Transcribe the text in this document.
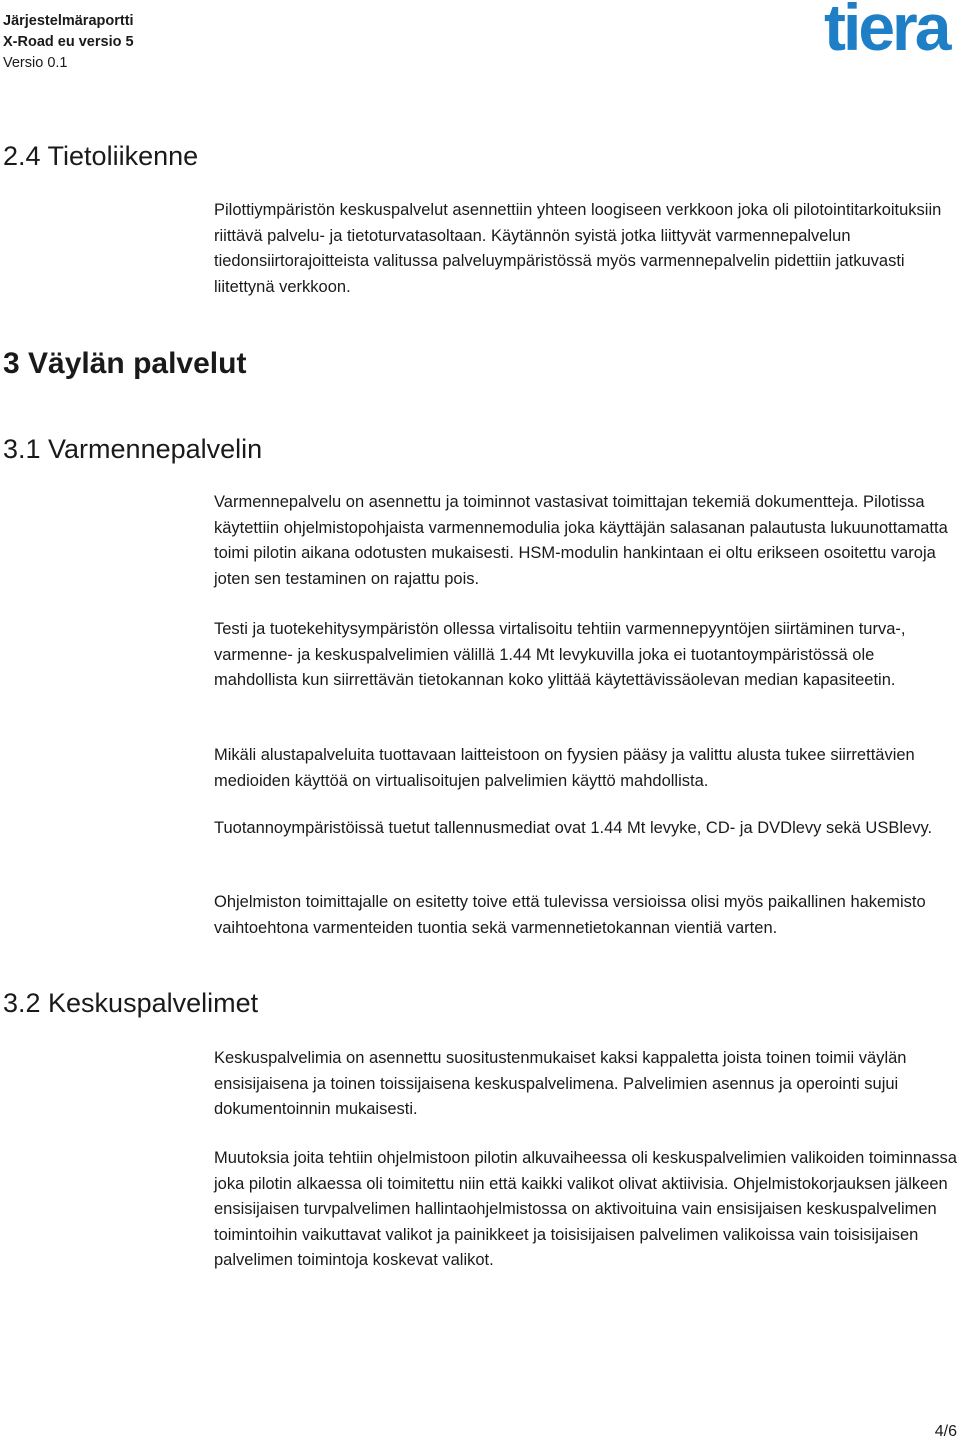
Järjestelmäraportti
X-Road eu versio 5
Versio 0.1	tiera
2.4 Tietoliikenne

Pilottiympäristön keskuspalvelut asennettiin yhteen loogiseen verkkoon joka oli pilotointitarkoituksiin riittävä palvelu- ja tietoturvatasoltaan. Käytännön syistä jotka liittyvät varmennepalvelun tiedonsiirtorajoitteista valitussa palveluympäristössä myös varmennepalvelin pidettiin jatkuvasti liitettynä verkkoon.

3 Väylän palvelut
3.1 Varmennepalvelin

Varmennepalvelu on asennettu ja toiminnot vastasivat toimittajan tekemiä dokumentteja. Pilotissa käytettiin ohjelmistopohjaista varmennemodulia joka käyttäjän salasanan palautusta lukuunottamatta toimi pilotin aikana odotusten mukaisesti. HSM-modulin hankintaan ei oltu erikseen osoitettu varoja joten sen testaminen on rajattu pois.

Testi ja tuotekehitysympäristön ollessa virtalisoitu tehtiin varmennepyyntöjen siirtäminen turva-, varmenne- ja keskuspalvelimien välillä 1.44 Mt levykuvilla joka ei tuotantoympäristössä ole mahdollista kun siirrettävän tietokannan koko ylittää käytettävissäolevan median kapasiteetin.

Mikäli alustapalveluita tuottavaan laitteistoon on fyysien pääsy ja valittu alusta tukee siirrettävien medioiden käyttöä on virtualisoitujen palvelimien käyttö mahdollista.

Tuotannoympäristöissä tuetut tallennusmediat ovat 1.44 Mt levyke, CD- ja DVDlevy sekä USBlevy.

Ohjelmiston toimittajalle on esitetty toive että tulevissa versioissa olisi myös paikallinen hakemisto vaihtoehtona varmenteiden tuontia sekä varmennetietokannan vientiä varten.

3.2 Keskuspalvelimet

Keskuspalvelimia on asennettu suositustenmukaiset kaksi kappaletta joista toinen toimii väylän ensisijaisena ja toinen toissijaisena keskuspalvelimena. Palvelimien asennus ja operointi sujui dokumentoinnin mukaisesti.

Muutoksia joita tehtiin ohjelmistoon pilotin alkuvaiheessa oli keskuspalvelimien valikoiden toiminnassa joka pilotin alkaessa oli toimitettu niin että kaikki valikot olivat aktiivisia. Ohjelmistokorjauksen jälkeen ensisijaisen turvpalvelimen hallintaohjelmistossa on aktivoituina vain ensisijaisen keskuspalvelimen toimintoihin vaikuttavat valikot ja painikkeet ja toisisijaisen palvelimen valikoissa vain toisisijaisen palvelimen toimintoja koskevat valikot.

4/6
